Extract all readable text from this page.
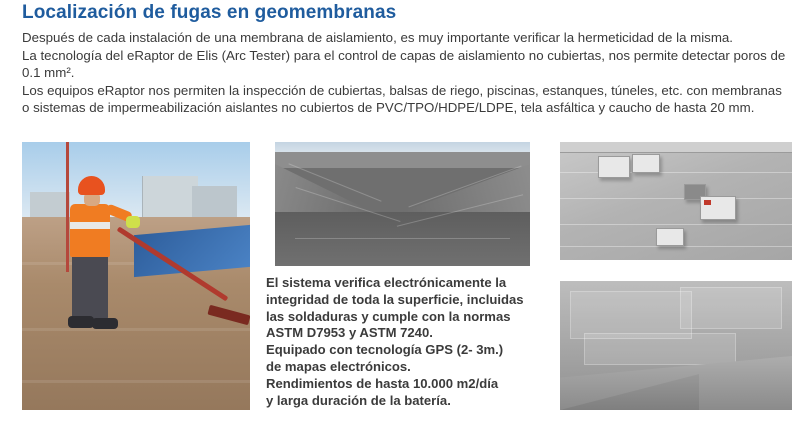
Localización de fugas en geomembranas

Después de cada instalación de una membrana de aislamiento, es muy importante verificar la hermeticidad de la misma.

La tecnología del eRaptor de Elis (Arc Tester) para el control de capas de aislamiento no cubiertas, nos permite detectar poros de 0.1 mm².

Los equipos eRaptor nos permiten la inspección de cubiertas, balsas de riego, piscinas, estanques, túneles, etc. con membranas o sistemas de impermeabilización aislantes no cubiertos de PVC/TPO/HDPE/LDPE, tela asfáltica y caucho de hasta 20 mm.

El sistema verifica electrónicamente la

integridad de toda la superficie, incluidas

las soldaduras y cumple con la normas

ASTM D7953 y ASTM 7240.

Equipado con tecnología GPS (2- 3m.)

de mapas electrónicos.

Rendimientos de hasta 10.000 m2/día

y larga duración de la batería.
